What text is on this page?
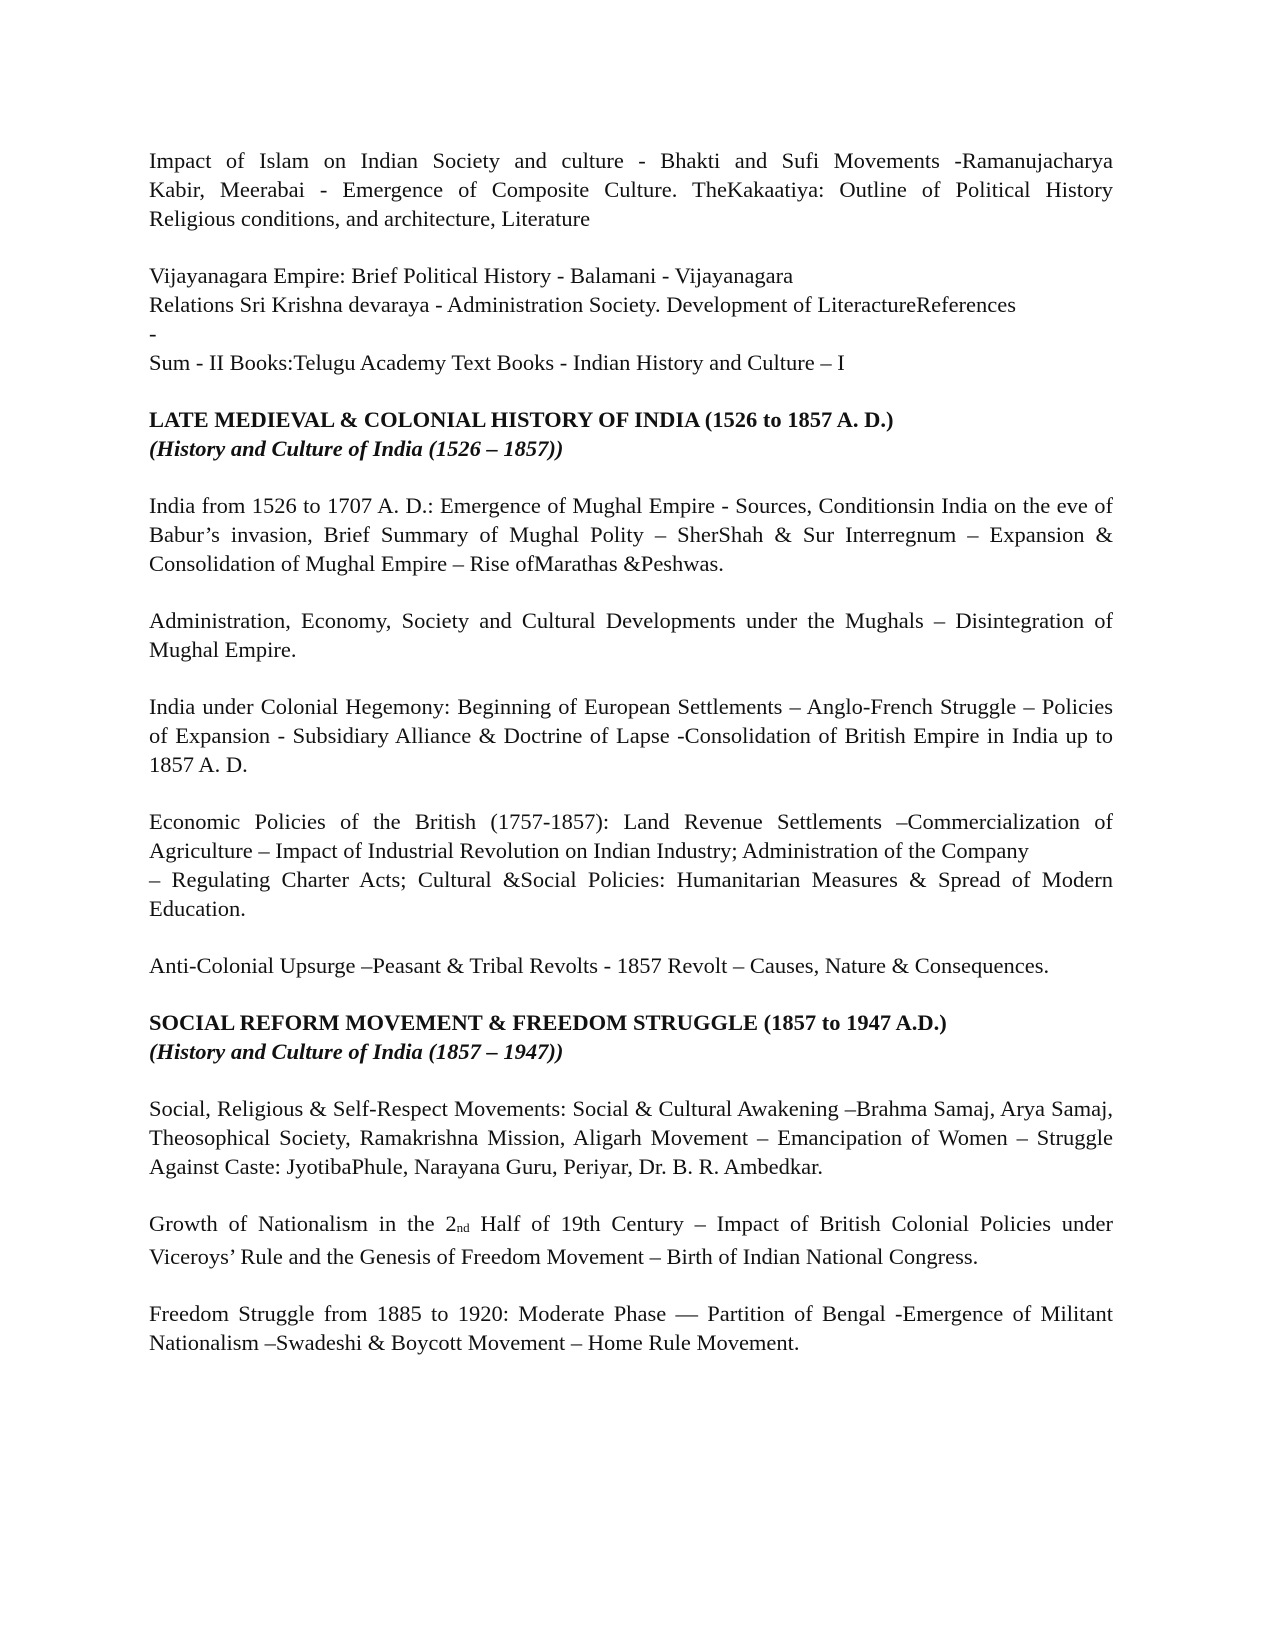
Impact of Islam on Indian Society and culture - Bhakti and Sufi Movements -Ramanujacharya
Kabir, Meerabai - Emergence of Composite Culture. TheKakaatiya: Outline of Political History
Religious conditions, and architecture, Literature
Vijayanagara Empire: Brief Political History - Balamani - Vijayanagara
Relations Sri Krishna devaraya - Administration Society. Development of LiteractureReferences
-
Sum - II Books:Telugu Academy Text Books - Indian History and Culture – I
LATE MEDIEVAL & COLONIAL HISTORY OF INDIA (1526 to 1857 A. D.)
(History and Culture of India (1526 – 1857))
India from 1526 to 1707 A. D.: Emergence of Mughal Empire - Sources, Conditionsin India on the eve of Babur’s invasion, Brief Summary of Mughal Polity – SherShah & Sur Interregnum – Expansion & Consolidation of Mughal Empire – Rise ofMarathas &Peshwas.
Administration, Economy, Society and Cultural Developments under the Mughals – Disintegration of Mughal Empire.
India under Colonial Hegemony: Beginning of European Settlements – Anglo-French Struggle – Policies of Expansion - Subsidiary Alliance & Doctrine of Lapse -Consolidation of British Empire in India up to 1857 A. D.
Economic Policies of the British (1757-1857): Land Revenue Settlements –Commercialization of Agriculture – Impact of Industrial Revolution on Indian Industry; Administration of the Company
– Regulating Charter Acts; Cultural &Social Policies: Humanitarian Measures & Spread of Modern Education.
Anti-Colonial Upsurge –Peasant & Tribal Revolts - 1857 Revolt – Causes, Nature & Consequences.
SOCIAL REFORM MOVEMENT & FREEDOM STRUGGLE (1857 to 1947 A.D.)
(History and Culture of India (1857 – 1947))
Social, Religious & Self-Respect Movements: Social & Cultural Awakening –Brahma Samaj, Arya Samaj, Theosophical Society, Ramakrishna Mission, Aligarh Movement – Emancipation of Women – Struggle Against Caste: JyotibaPhule, Narayana Guru, Periyar, Dr. B. R. Ambedkar.
Growth of Nationalism in the $2_{nd}$ Half of 19th Century – Impact of British Colonial Policies under Viceroys’ Rule and the Genesis of Freedom Movement – Birth of Indian National Congress.
Freedom Struggle from 1885 to 1920: Moderate Phase — Partition of Bengal -Emergence of Militant Nationalism –Swadeshi & Boycott Movement – Home Rule Movement.
